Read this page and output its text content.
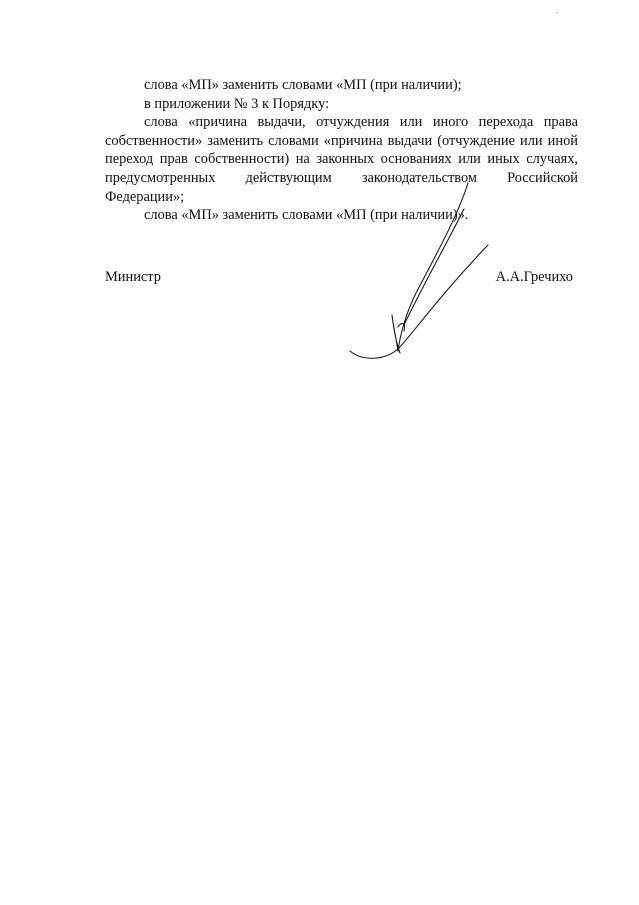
слова «МП» заменить словами «МП (при наличии);

в приложении № 3 к Порядку:

слова «причина выдачи, отчуждения или иного перехода права собственности» заменить словами «причина выдачи (отчуждение или иной переход прав собственности) на законных основаниях или иных случаях, предусмотренных действующим законодательством Российской Федерации»;

слова «МП» заменить словами «МП (при наличии)».

Министр	А.А.Гречихо
